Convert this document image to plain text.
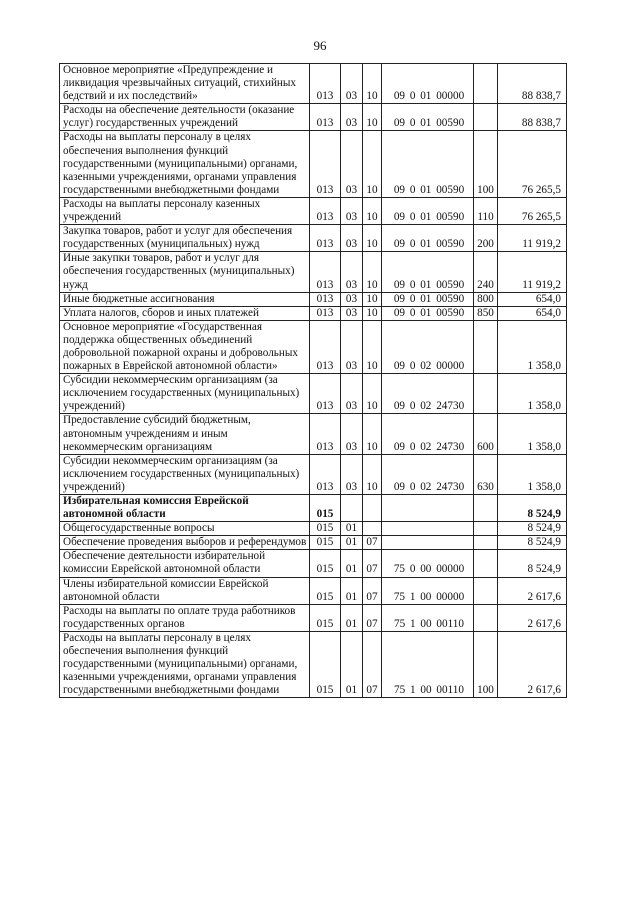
96
Основное мероприятие «Предупреждение и ликвидация чрезвычайных ситуаций, стихийных бедствий и их последствий»	013	03	10	09 0 01 00000		88 838,7
Расходы на обеспечение деятельности (оказание услуг) государственных учреждений	013	03	10	09 0 01 00590		88 838,7
Расходы на выплаты персоналу в целях обеспечения выполнения функций государственными (муниципальными) органами, казенными учреждениями, органами управления государственными внебюджетными фондами	013	03	10	09 0 01 00590	100	76 265,5
Расходы на выплаты персоналу казенных учреждений	013	03	10	09 0 01 00590	110	76 265,5
Закупка товаров, работ и услуг для обеспечения государственных (муниципальных) нужд	013	03	10	09 0 01 00590	200	11 919,2
Иные закупки товаров, работ и услуг для обеспечения государственных (муниципальных) нужд	013	03	10	09 0 01 00590	240	11 919,2
Иные бюджетные ассигнования	013	03	10	09 0 01 00590	800	654,0
Уплата налогов, сборов и иных платежей	013	03	10	09 0 01 00590	850	654,0
Основное мероприятие «Государственная поддержка общественных объединений добровольной пожарной охраны и добровольных пожарных в Еврейской автономной области»	013	03	10	09 0 02 00000		1 358,0
Субсидии некоммерческим организациям (за исключением государственных (муниципальных) учреждений)	013	03	10	09 0 02 24730		1 358,0
Предоставление субсидий бюджетным, автономным учреждениям и иным некоммерческим организациям	013	03	10	09 0 02 24730	600	1 358,0
Субсидии некоммерческим организациям (за исключением государственных (муниципальных) учреждений)	013	03	10	09 0 02 24730	630	1 358,0
Избирательная комиссия Еврейской автономной области	015					8 524,9
Общегосударственные вопросы	015	01				8 524,9
Обеспечение проведения выборов и референдумов	015	01	07			8 524,9
Обеспечение деятельности избирательной комиссии Еврейской автономной области	015	01	07	75 0 00 00000		8 524,9
Члены избирательной комиссии Еврейской автономной области	015	01	07	75 1 00 00000		2 617,6
Расходы на выплаты по оплате труда работников государственных органов	015	01	07	75 1 00 00110		2 617,6
Расходы на выплаты персоналу в целях обеспечения выполнения функций государственными (муниципальными) органами, казенными учреждениями, органами управления государственными внебюджетными фондами	015	01	07	75 1 00 00110	100	2 617,6
